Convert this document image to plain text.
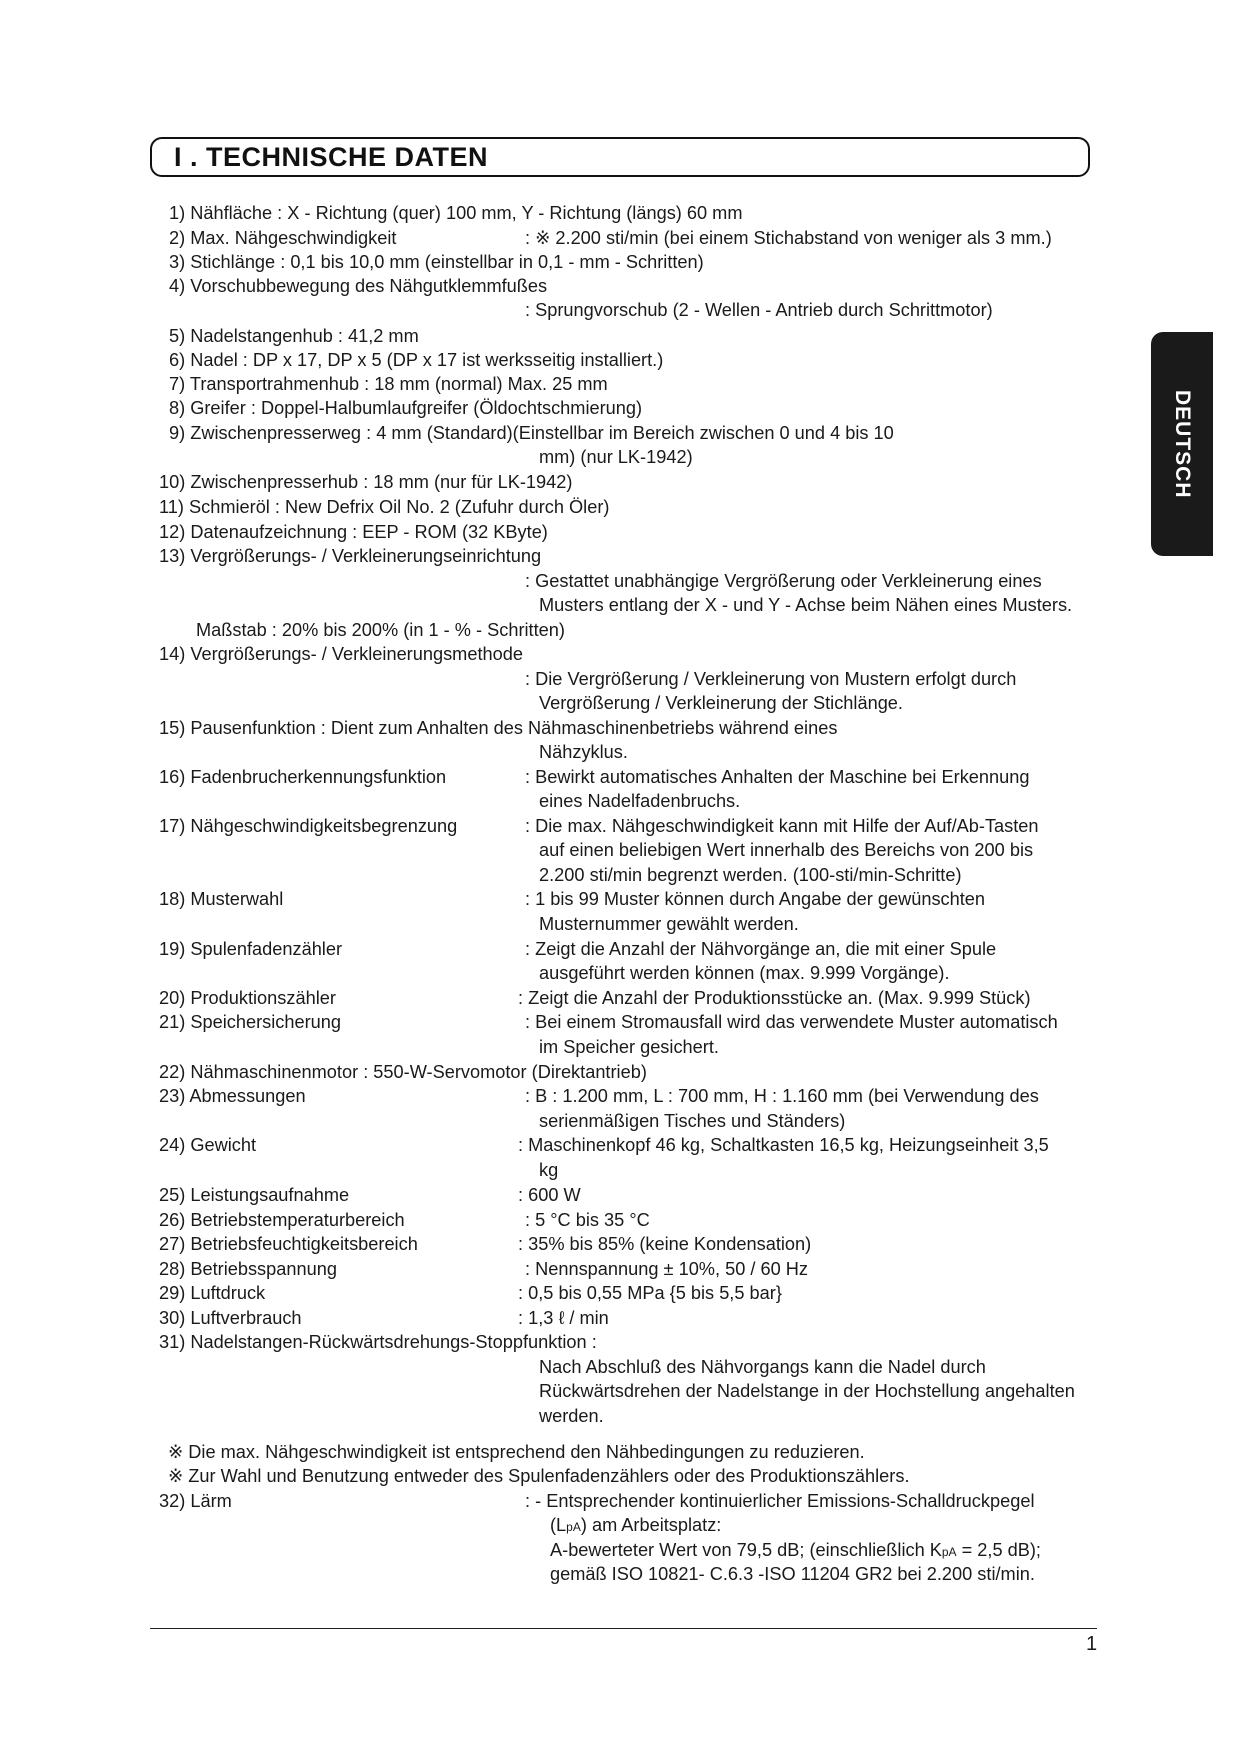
I . TECHNISCHE DATEN
DEUTSCH
1) Nähfläche : X - Richtung (quer) 100 mm, Y - Richtung (längs) 60 mm
2) Max. Nähgeschwindigkeit	: ※ 2.200 sti/min (bei einem Stichabstand von weniger als 3 mm.)
3) Stichlänge : 0,1 bis 10,0 mm (einstellbar in 0,1 - mm - Schritten)
4) Vorschubbewegung des Nähgutklemmfußes
: Sprungvorschub (2 - Wellen - Antrieb durch Schrittmotor)
5) Nadelstangenhub : 41,2 mm
6) Nadel : DP x 17, DP x 5 (DP x 17 ist werksseitig installiert.)
7) Transportrahmenhub : 18 mm (normal) Max. 25 mm
8) Greifer : Doppel-Halbumlaufgreifer (Öldochtschmierung)
9) Zwischenpresserweg : 4 mm (Standard)(Einstellbar im Bereich zwischen 0 und 4 bis 10
mm) (nur LK-1942)
10) Zwischenpresserhub : 18 mm (nur für LK-1942)
11) Schmieröl : New Defrix Oil No. 2 (Zufuhr durch Öler)
12) Datenaufzeichnung : EEP - ROM (32 KByte)
13) Vergrößerungs- / Verkleinerungseinrichtung
: Gestattet unabhängige Vergrößerung oder Verkleinerung eines
Musters entlang der X - und Y - Achse beim Nähen eines Musters.
Maßstab : 20% bis 200% (in 1 - % - Schritten)
14) Vergrößerungs- / Verkleinerungsmethode
: Die Vergrößerung / Verkleinerung von Mustern erfolgt durch
Vergrößerung / Verkleinerung der Stichlänge.
15) Pausenfunktion : Dient zum Anhalten des Nähmaschinenbetriebs während eines
Nähzyklus.
16) Fadenbrucherkennungsfunktion	: Bewirkt automatisches Anhalten der Maschine bei Erkennung
eines Nadelfadenbruchs.
17) Nähgeschwindigkeitsbegrenzung	: Die max. Nähgeschwindigkeit kann mit Hilfe der Auf/Ab-Tasten
auf einen beliebigen Wert innerhalb des Bereichs von 200 bis
2.200 sti/min begrenzt werden. (100-sti/min-Schritte)
18) Musterwahl	: 1 bis 99 Muster können durch Angabe der gewünschten
Musternummer gewählt werden.
19) Spulenfadenzähler	: Zeigt die Anzahl der Nähvorgänge an, die mit einer Spule
ausgeführt werden können (max. 9.999 Vorgänge).
20) Produktionszähler	: Zeigt die Anzahl der Produktionsstücke an. (Max. 9.999 Stück)
21) Speichersicherung	: Bei einem Stromausfall wird das verwendete Muster automatisch
im Speicher gesichert.
22) Nähmaschinenmotor : 550-W-Servomotor (Direktantrieb)
23) Abmessungen	: B : 1.200 mm, L : 700 mm, H : 1.160 mm (bei Verwendung des
serienmäßigen Tisches und Ständers)
24) Gewicht	: Maschinenkopf 46 kg, Schaltkasten 16,5 kg, Heizungseinheit 3,5
kg
25) Leistungsaufnahme	: 600 W
26) Betriebstemperaturbereich	: 5 °C bis 35 °C
27) Betriebsfeuchtigkeitsbereich	: 35% bis 85% (keine Kondensation)
28) Betriebsspannung	: Nennspannung ± 10%, 50 / 60 Hz
29) Luftdruck	: 0,5 bis 0,55 MPa {5 bis 5,5 bar}
30) Luftverbrauch	: 1,3 ℓ / min
31) Nadelstangen-Rückwärtsdrehungs-Stoppfunktion :
Nach Abschluß des Nähvorgangs kann die Nadel durch
Rückwärtsdrehen der Nadelstange in der Hochstellung angehalten
werden.
※ Die max. Nähgeschwindigkeit ist entsprechend den Nähbedingungen zu reduzieren.
※ Zur Wahl und Benutzung entweder des Spulenfadenzählers oder des Produktionszählers.
32) Lärm	: - Entsprechender kontinuierlicher Emissions-Schalldruckpegel
(LpA) am Arbeitsplatz:
A-bewerteter Wert von 79,5 dB; (einschließlich KpA = 2,5 dB);
gemäß ISO 10821- C.6.3 -ISO 11204 GR2 bei 2.200 sti/min.
1
